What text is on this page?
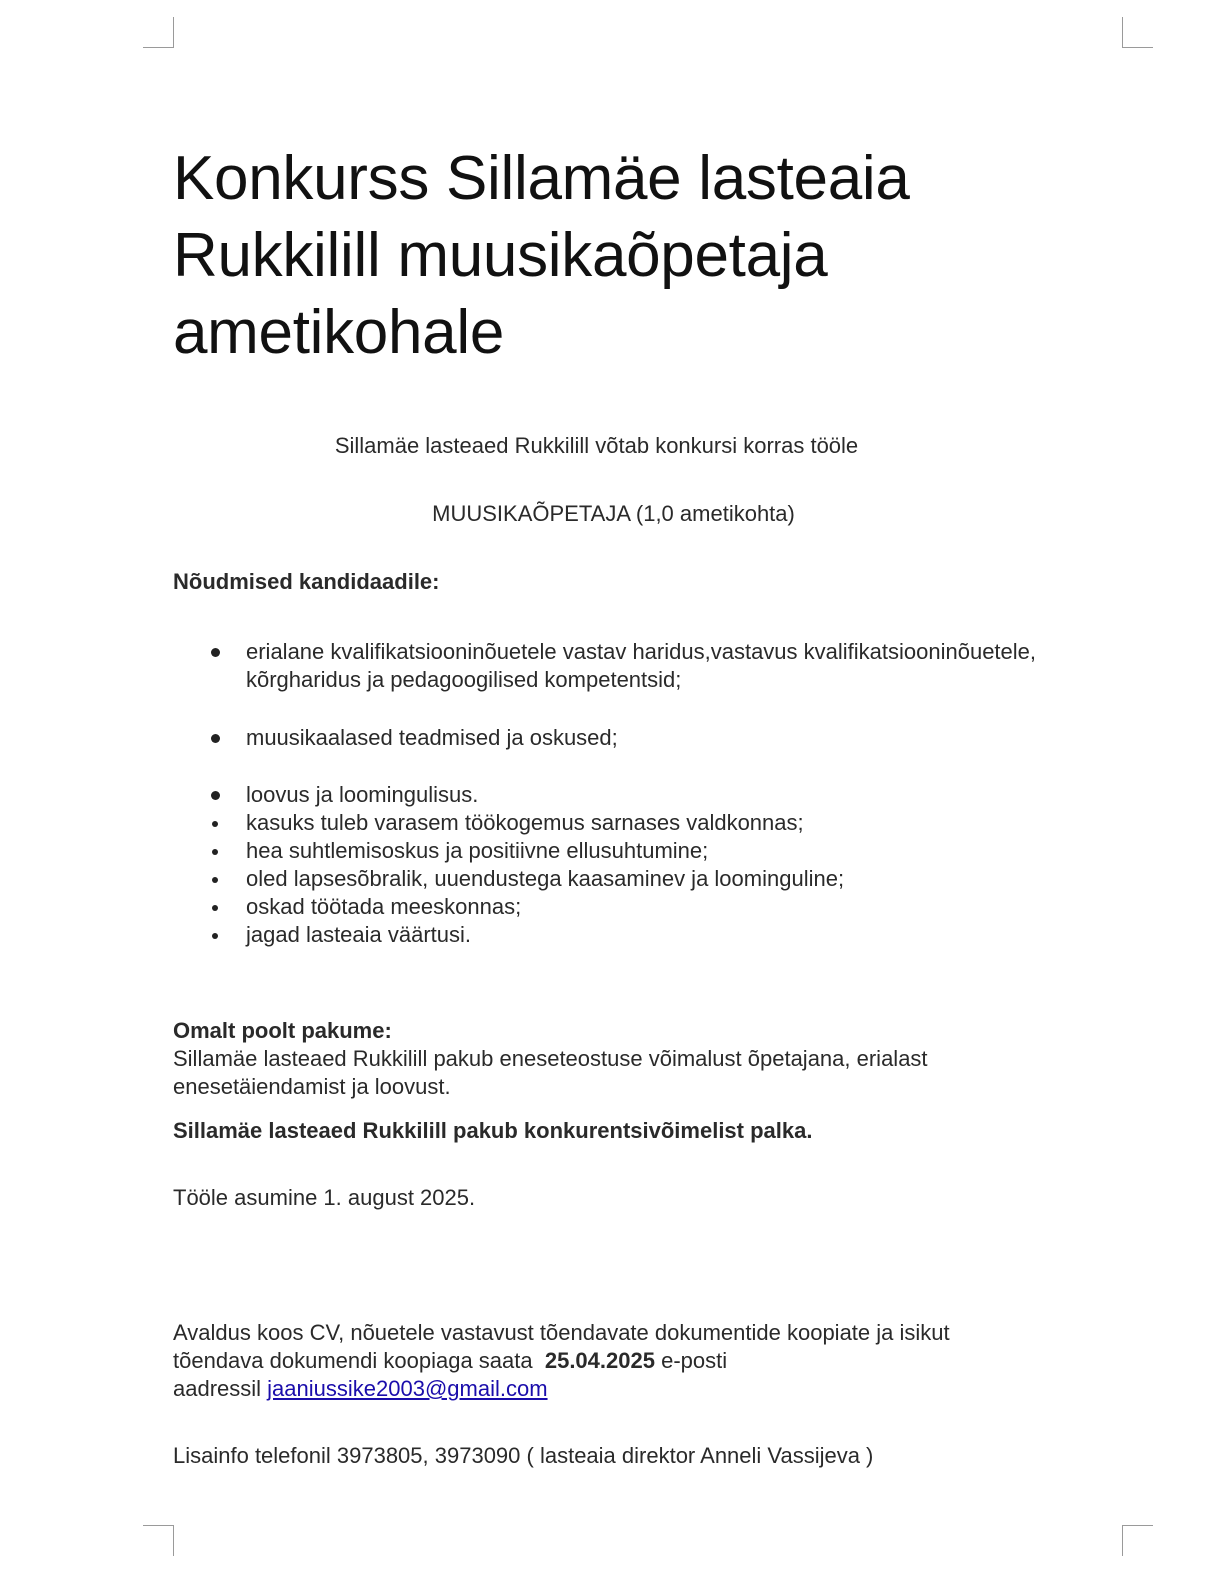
Konkurss Sillamäe lasteaia Rukkilill muusikaõpetaja ametikohale

Sillamäe lasteaed Rukkilill võtab konkursi korras tööle

MUUSIKAÕPETAJA (1,0 ametikohta)

Nõudmised kandidaadile:

erialane kvalifikatsiooninõuetele vastav haridus,vastavus kvalifikatsiooninõuetele, kõrgharidus ja pedagoogilised kompetentsid;
muusikaalased teadmised ja oskused;
loovus ja loomingulisus.
kasuks tuleb varasem töökogemus sarnases valdkonnas;
hea suhtlemisoskus ja positiivne ellusuhtumine;
oled lapsesõbralik, uuendustega kaasaminev ja loominguline;
oskad töötada meeskonnas;
jagad lasteaia väärtusi.

Omalt poolt pakume:

Sillamäe lasteaed Rukkilill pakub eneseteostuse võimalust õpetajana, erialast enesetäiendamist ja loovust.

Sillamäe lasteaed Rukkilill pakub konkurentsivõimelist palka.

Tööle asumine 1. august 2025.

Avaldus koos CV, nõuetele vastavust tõendavate dokumentide koopiate ja isikut
tõendava dokumendi koopiaga saata 25.04.2025 e-posti
aadressil jaaniussike2003@gmail.com

Lisainfo telefonil 3973805, 3973090 ( lasteaia direktor Anneli Vassijeva )
